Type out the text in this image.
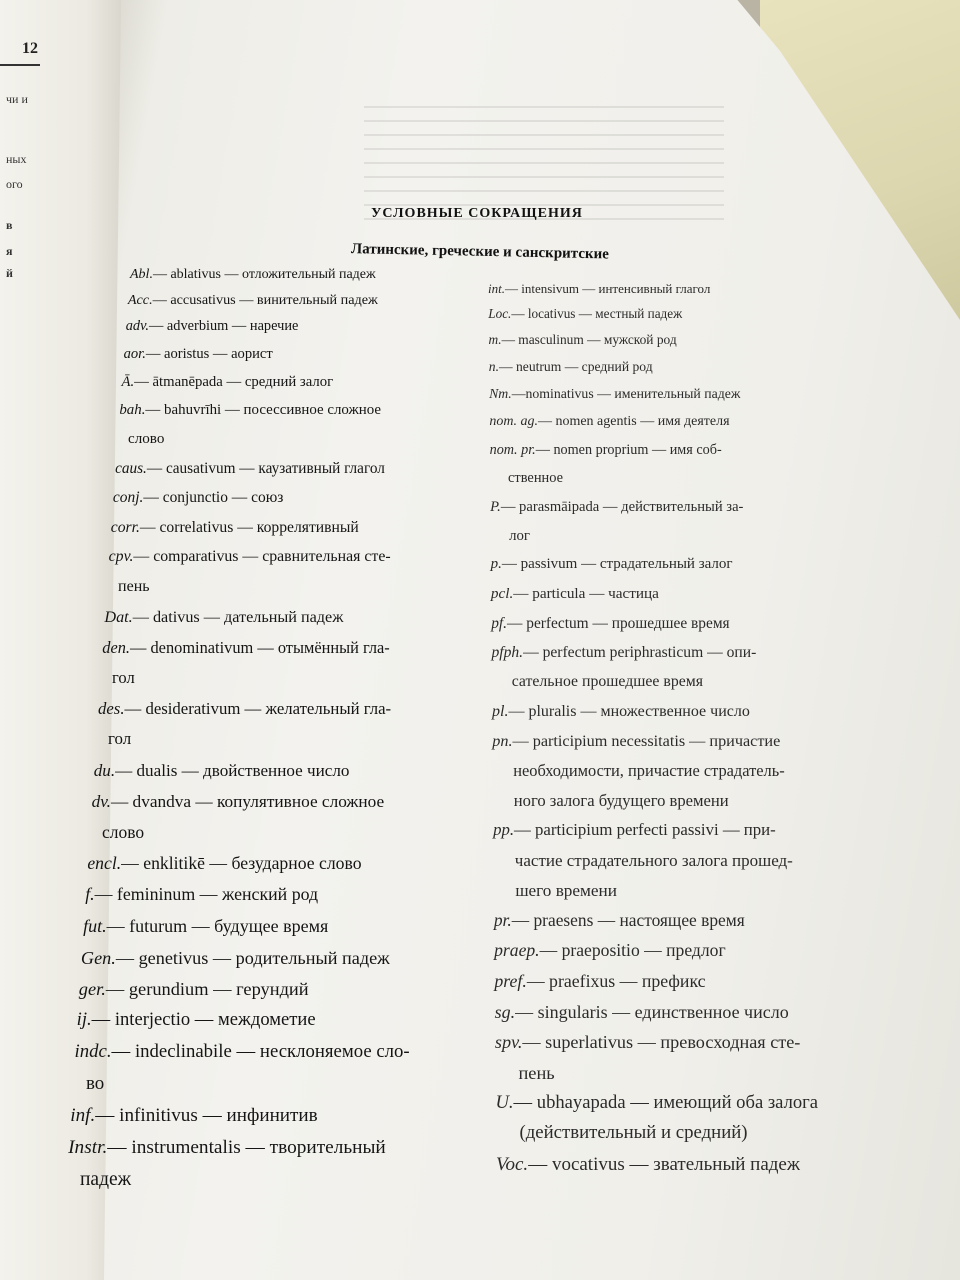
12
чи и
ных
ого
в
я
й
УСЛОВНЫЕ СОКРАЩЕНИЯ
Латинские, греческие и санскритские
Abl.— ablativus — отложительный падеж
Acc.— accusativus — винительный падеж
adv.— adverbium — наречие
aor.— aoristus — аорист
Ā.— ātmanēpada — средний залог
bah.— bahuvrīhi — посессивное сложное
слово
caus.— causativum — каузативный глагол
conj.— conjunctio — союз
corr.— correlativus — коррелятивный
cpv.— comparativus — сравнительная сте-
пень
Dat.— dativus — дательный падеж
den.— denominativum — отымённый гла-
гол
des.— desiderativum — желательный гла-
гол
du.— dualis — двойственное число
dv.— dvandva — копулятивное сложное
слово
encl.— enklitikē — безударное слово
f.— femininum — женский род
fut.— futurum — будущее время
Gen.— genetivus — родительный падеж
ger.— gerundium — герундий
ij.— interjectio — междометие
indc.— indeclinabile — несклоняемое сло-
во
inf.— infinitivus — инфинитив
Instr.— instrumentalis — творительный
падеж
int.— intensivum — интенсивный глагол
Loc.— locativus — местный падеж
m.— masculinum — мужской род
n.— neutrum — средний род
Nm.—nominativus — именительный падеж
nom. ag.— nomen agentis — имя деятеля
nom. pr.— nomen proprium — имя соб-
ственное
P.— parasmāipada — действительный за-
лог
p.— passivum — страдательный залог
pcl.— particula — частица
pf.— perfectum — прошедшее время
pfph.— perfectum periphrasticum — опи-
сательное прошедшее время
pl.— pluralis — множественное число
pn.— participium necessitatis — причастие
необходимости, причастие страдатель-
ного залога будущего времени
pp.— participium perfecti passivi — при-
частие страдательного залога прошед-
шего времени
pr.— praesens — настоящее время
praep.— praepositio — предлог
pref.— praefixus — префикс
sg.— singularis — единственное число
spv.— superlativus — превосходная сте-
пень
U.— ubhayapada — имеющий оба залога
(действительный и средний)
Voc.— vocativus — звательный падеж
